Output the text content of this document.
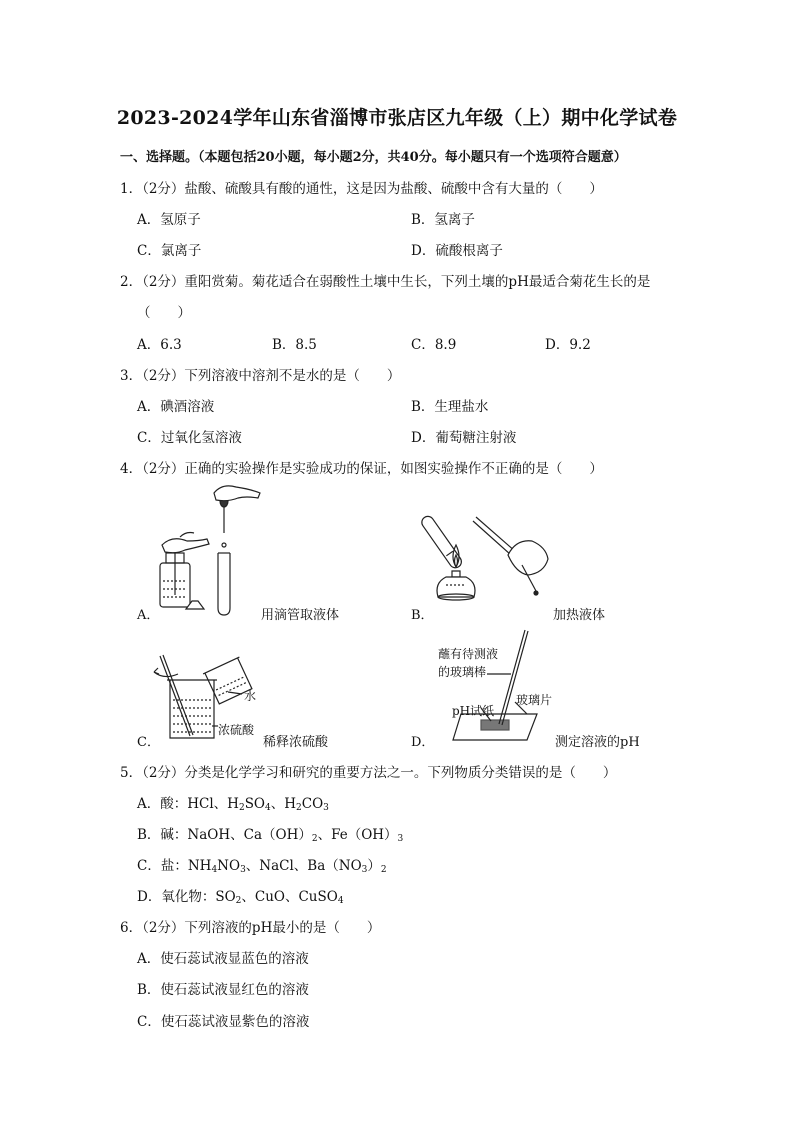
2023-2024学年山东省淄博市张店区九年级（上）期中化学试卷
一、选择题。（本题包括20小题，每小题2分，共40分。每小题只有一个选项符合题意）
1．（2分）盐酸、硫酸具有酸的通性，这是因为盐酸、硫酸中含有大量的（　　）
A．氢原子	B．氢离子
C．氯离子	D．硫酸根离子
2．（2分）重阳赏菊。菊花适合在弱酸性土壤中生长，下列土壤的pH最适合菊花生长的是
（　　）
A．6.3	B．8.5	C．8.9	D．9.2
3．（2分）下列溶液中溶剂不是水的是（　　）
A．碘酒溶液	B．生理盐水
C．过氧化氢溶液	D．葡萄糖注射液
4．（2分）正确的实验操作是实验成功的保证，如图实验操作不正确的是（　　）
A．	用滴管取液体	B．	加热液体
C．
水
浓硫酸
稀释浓硫酸	D．
蘸有待测液
的玻璃棒
玻璃片
pH试纸
测定溶液的pH
5．（2分）分类是化学学习和研究的重要方法之一。下列物质分类错误的是（　　）
A．酸：HCl、$H_2SO_4$、$H_2CO_3$
B．碱：NaOH、$Ca(OH)_2$、$Fe(OH)_3$
C．盐：$NH_4NO_3$、NaCl、$Ba(NO_3)_2$
D．氧化物：$SO_2$、CuO、CuSO$_4$
6．（2分）下列溶液的pH最小的是（　　）
A．使石蕊试液显蓝色的溶液
B．使石蕊试液显红色的溶液
C．使石蕊试液显紫色的溶液
